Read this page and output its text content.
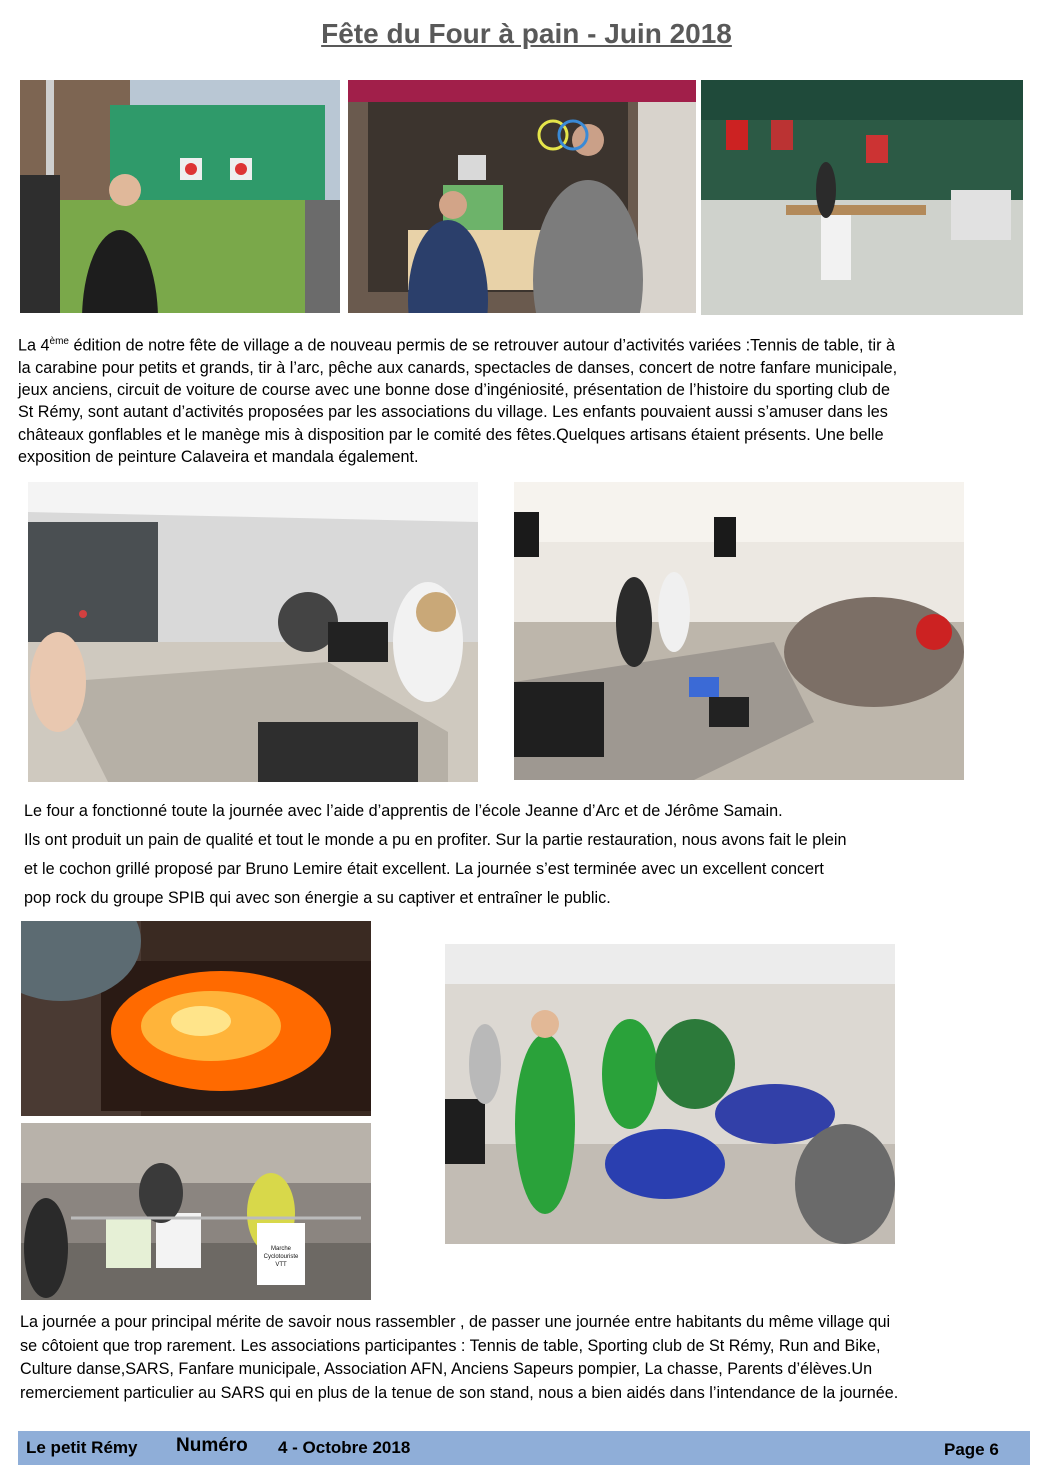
Fête du Four à pain - Juin 2018
La 4ème édition de notre fête de village a de nouveau permis de se retrouver autour d’activités variées :Tennis de table, tir à
la carabine pour petits et grands, tir à l’arc, pêche aux canards, spectacles de danses, concert de notre fanfare municipale,
jeux anciens, circuit de voiture de course avec une bonne dose d’ingéniosité, présentation de l’histoire du sporting club de
St Rémy, sont autant d’activités proposées par les associations du village. Les enfants pouvaient aussi s’amuser dans les
châteaux gonflables et le manège mis à disposition par le comité des fêtes.Quelques artisans étaient présents. Une belle
exposition de peinture Calaveira et mandala également.
Le four a fonctionné toute la journée avec l’aide d’apprentis de l’école Jeanne d’Arc et de Jérôme Samain.
Ils ont produit un pain de qualité et tout le monde a pu en profiter. Sur la partie restauration, nous avons fait le plein
et le cochon grillé proposé par Bruno Lemire était excellent. La journée s’est terminée avec un excellent concert
pop rock du groupe SPIB qui avec son énergie a su captiver et entraîner le public.
Marche
Cyclotouriste
VTT
La journée a pour principal mérite de savoir nous rassembler , de passer une journée entre habitants du même village qui
se côtoient que trop rarement. Les associations participantes : Tennis de table, Sporting club de St Rémy, Run and Bike,
Culture danse,SARS, Fanfare municipale, Association AFN, Anciens Sapeurs pompier, La chasse, Parents d’élèves.Un
remerciement particulier au SARS qui en plus de la tenue de son stand, nous a bien aidés dans l’intendance de la journée.
Le petit Rémy Numéro 4 - Octobre 2018	Page 6
